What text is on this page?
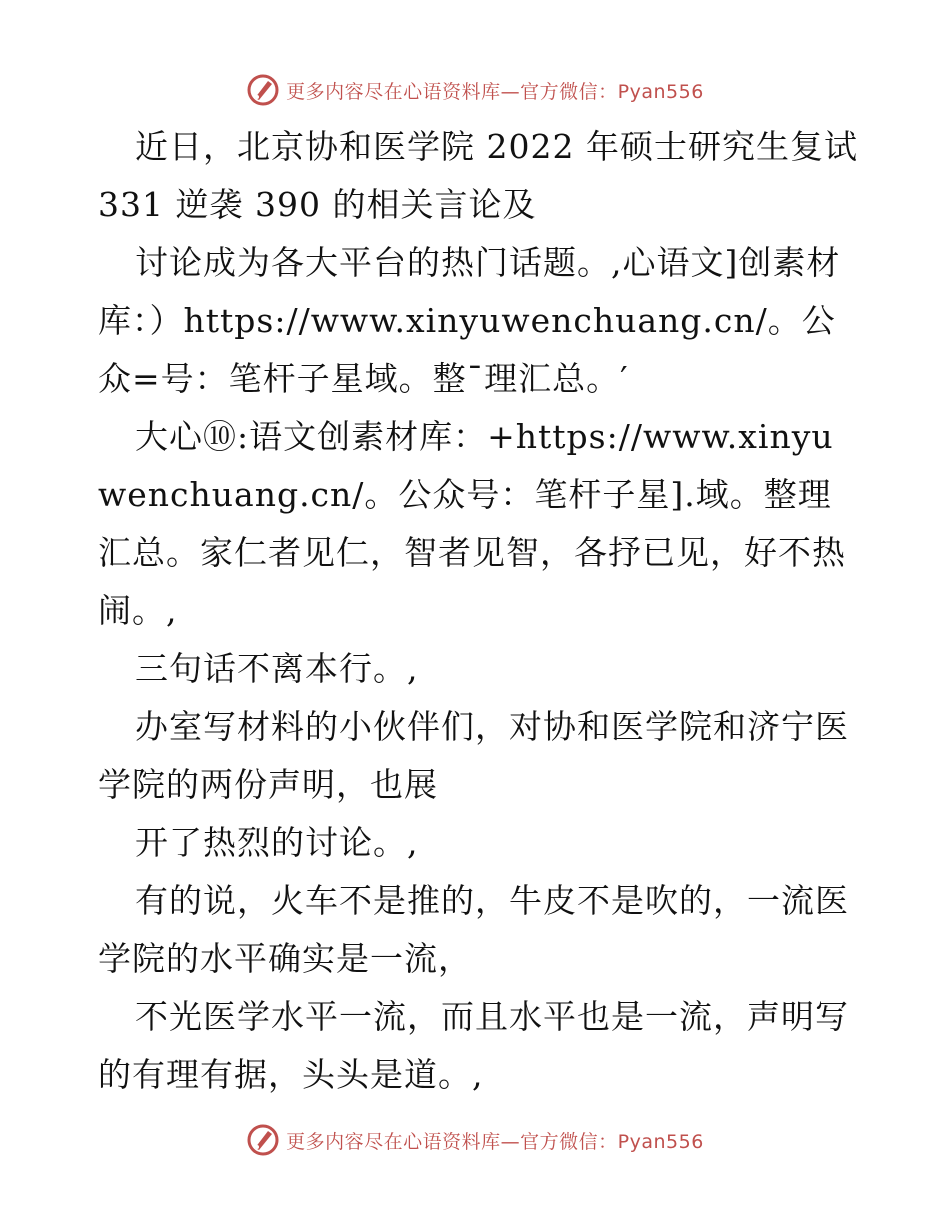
更多内容尽在心语资料库—官方微信：Pyan556

近日，北京协和医学院 2022 年硕士研究生复试 331 逆袭 390 的相关言论及

讨论成为各大平台的热门话题。,心语文]创素材库：）https://www.xinyuwenchuang.cn/。公众=号：笔杆子星域。整¯理汇总。′

大心⑩:语文创素材库：+https://www.xinyuwenchuang.cn/。公众号：笔杆子星].域。整理汇总。家仁者见仁，智者见智，各抒已见，好不热闹。,

三句话不离本行。,

办室写材料的小伙伴们，对协和医学院和济宁医学院的两份声明，也展

开了热烈的讨论。,

有的说，火车不是推的，牛皮不是吹的，一流医学院的水平确实是一流，

不光医学水平一流，而且水平也是一流，声明写的有理有据，头头是道。,

更多内容尽在心语资料库—官方微信：Pyan556
